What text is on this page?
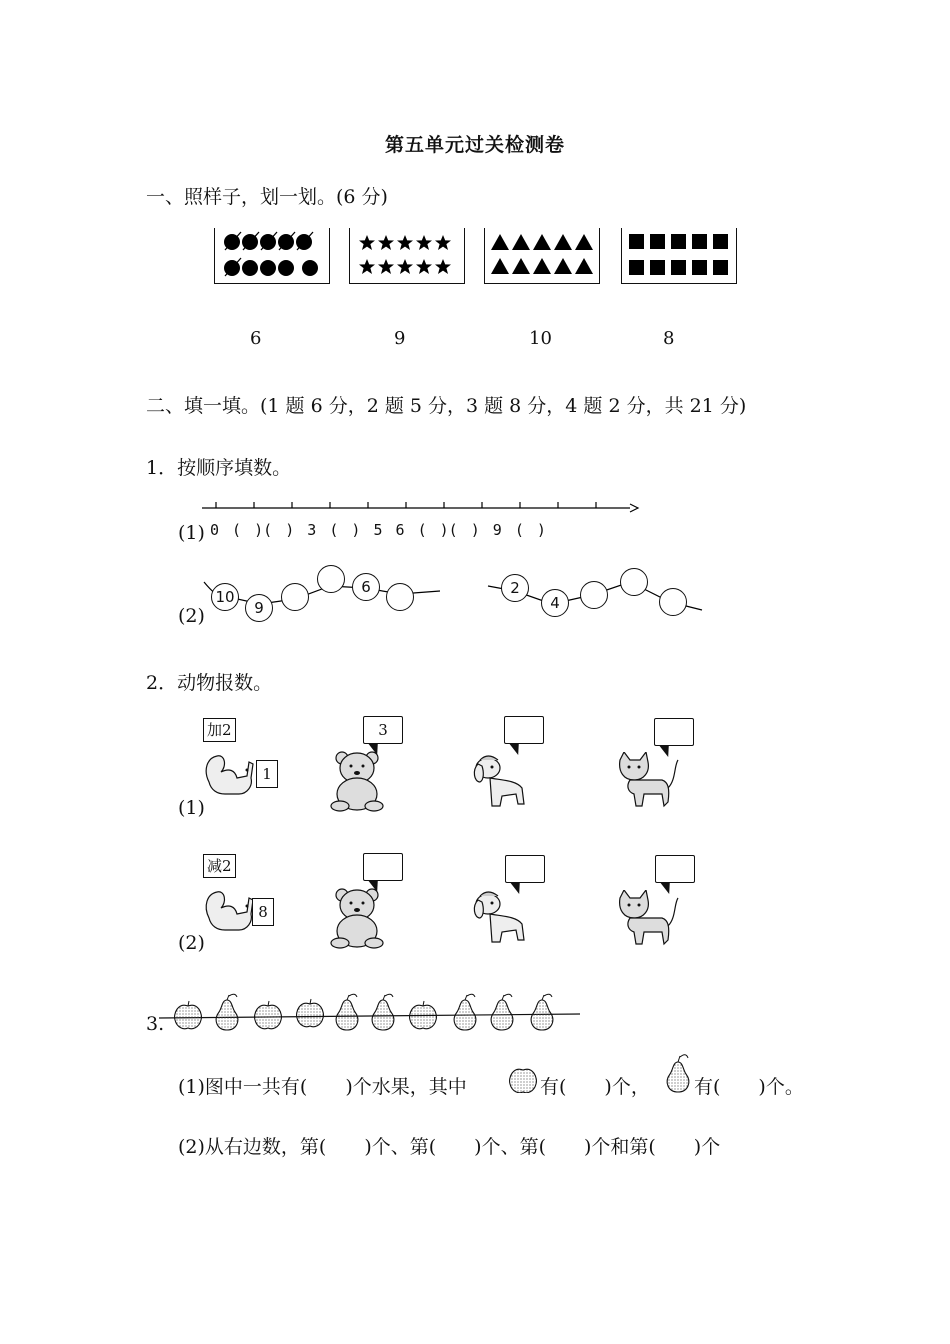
第五单元过关检测卷
一、照样子，划一划。(6 分)
6	9	10	8
二、填一填。(1 题 6 分，2 题 5 分，3 题 8 分，4 题 2 分，共 21 分)
1．按顺序填数。
(1) 0 ( )( ) 3 ( ) 5 6 ( )( ) 9 ( )
(2)
10
9
6	2
4
2．动物报数。
加2
1
(1)
3
减2
8
(2)
3.
(1)图中一共有(　　)个水果，其中	有(　　)个， 有(　　)个。
(2)从右边数，第(　　)个、第(　　)个、第(　　)个和第(　　)个
